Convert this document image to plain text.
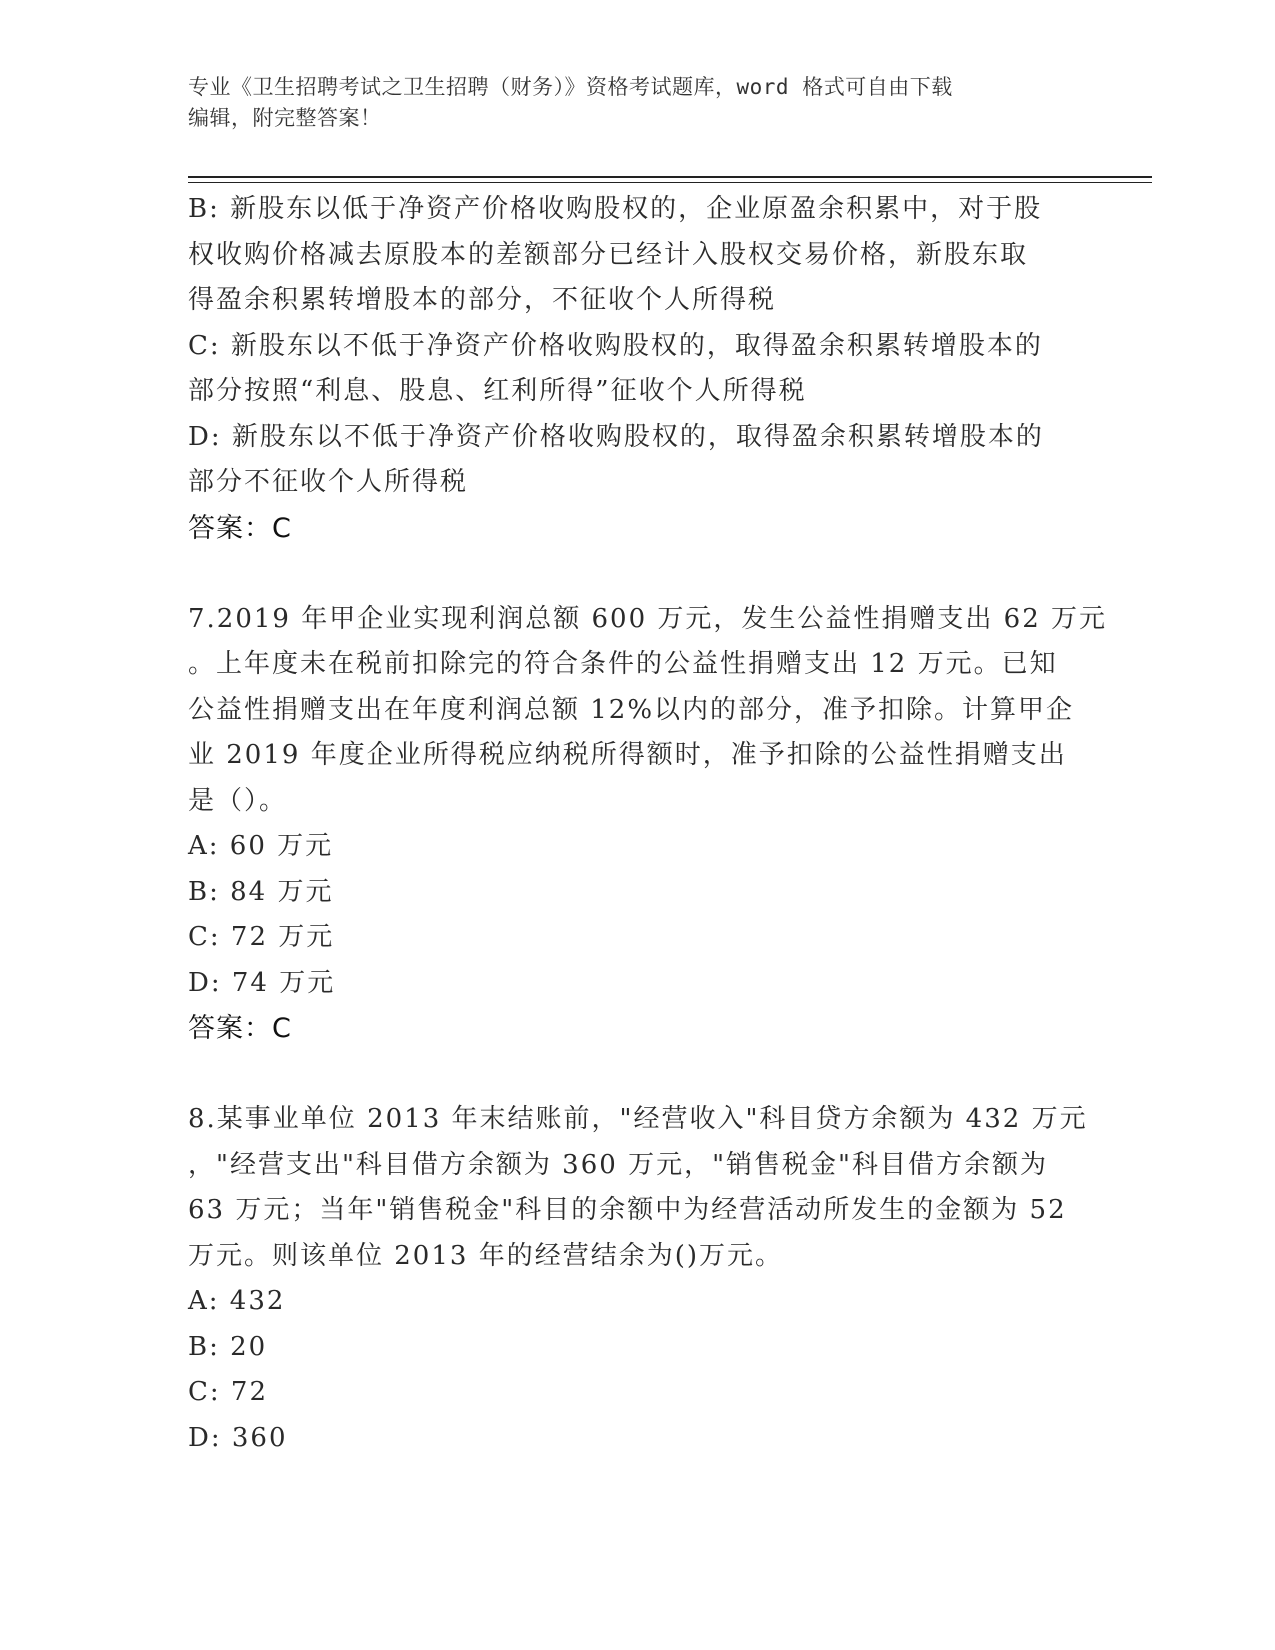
专业《卫生招聘考试之卫生招聘（财务）》资格考试题库，word 格式可自由下载
编辑，附完整答案！
B: 新股东以低于净资产价格收购股权的，企业原盈余积累中，对于股
权收购价格减去原股本的差额部分已经计入股权交易价格，新股东取
得盈余积累转增股本的部分，不征收个人所得税
C: 新股东以不低于净资产价格收购股权的，取得盈余积累转增股本的
部分按照“利息、股息、红利所得”征收个人所得税
D: 新股东以不低于净资产价格收购股权的，取得盈余积累转增股本的
部分不征收个人所得税
答案：C
7.2019 年甲企业实现利润总额 600 万元，发生公益性捐赠支出 62 万元
。上年度未在税前扣除完的符合条件的公益性捐赠支出 12 万元。已知
公益性捐赠支出在年度利润总额 12%以内的部分，准予扣除。计算甲企
业 2019 年度企业所得税应纳税所得额时，准予扣除的公益性捐赠支出
是（）。
A: 60 万元
B: 84 万元
C: 72 万元
D: 74 万元
答案：C
8.某事业单位 2013 年末结账前，"经营收入"科目贷方余额为 432 万元
，"经营支出"科目借方余额为 360 万元，"销售税金"科目借方余额为
63 万元；当年"销售税金"科目的余额中为经营活动所发生的金额为 52
万元。则该单位 2013 年的经营结余为()万元。
A: 432
B: 20
C: 72
D: 360
